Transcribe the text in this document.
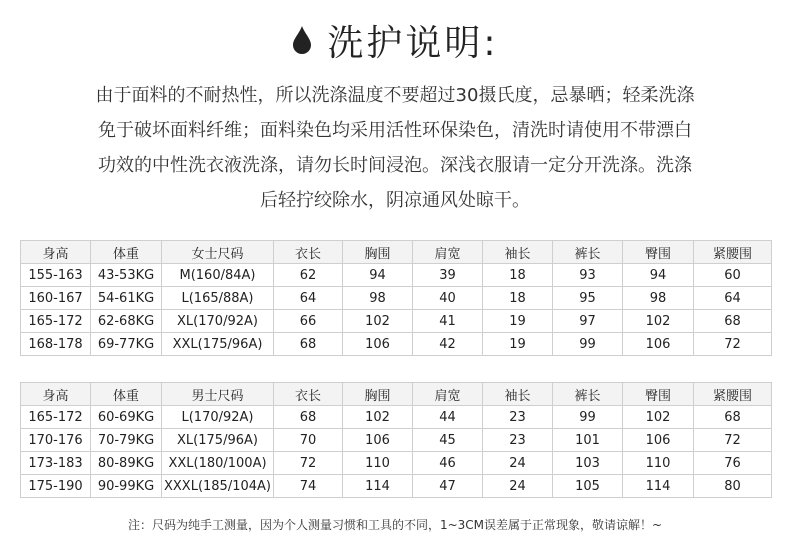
洗护说明:
由于面料的不耐热性，所以洗涤温度不要超过30摄氏度，忌暴晒；轻柔洗涤
免于破坏面料纤维；面料染色均采用活性环保染色，清洗时请使用不带漂白
功效的中性洗衣液洗涤，请勿长时间浸泡。深浅衣服请一定分开洗涤。洗涤
后轻拧绞除水，阴凉通风处晾干。
身高	体重	女士尺码	衣长	胸围	肩宽	袖长	裤长	臀围	紧腰围
155-163	43-53KG	M(160/84A)	62	94	39	18	93	94	60
160-167	54-61KG	L(165/88A)	64	98	40	18	95	98	64
165-172	62-68KG	XL(170/92A)	66	102	41	19	97	102	68
168-178	69-77KG	XXL(175/96A)	68	106	42	19	99	106	72
身高	体重	男士尺码	衣长	胸围	肩宽	袖长	裤长	臀围	紧腰围
165-172	60-69KG	L(170/92A)	68	102	44	23	99	102	68
170-176	70-79KG	XL(175/96A)	70	106	45	23	101	106	72
173-183	80-89KG	XXL(180/100A)	72	110	46	24	103	110	76
175-190	90-99KG	XXXL(185/104A)	74	114	47	24	105	114	80
注：尺码为纯手工测量，因为个人测量习惯和工具的不同，1~3CM误差属于正常现象，敬请谅解！~
